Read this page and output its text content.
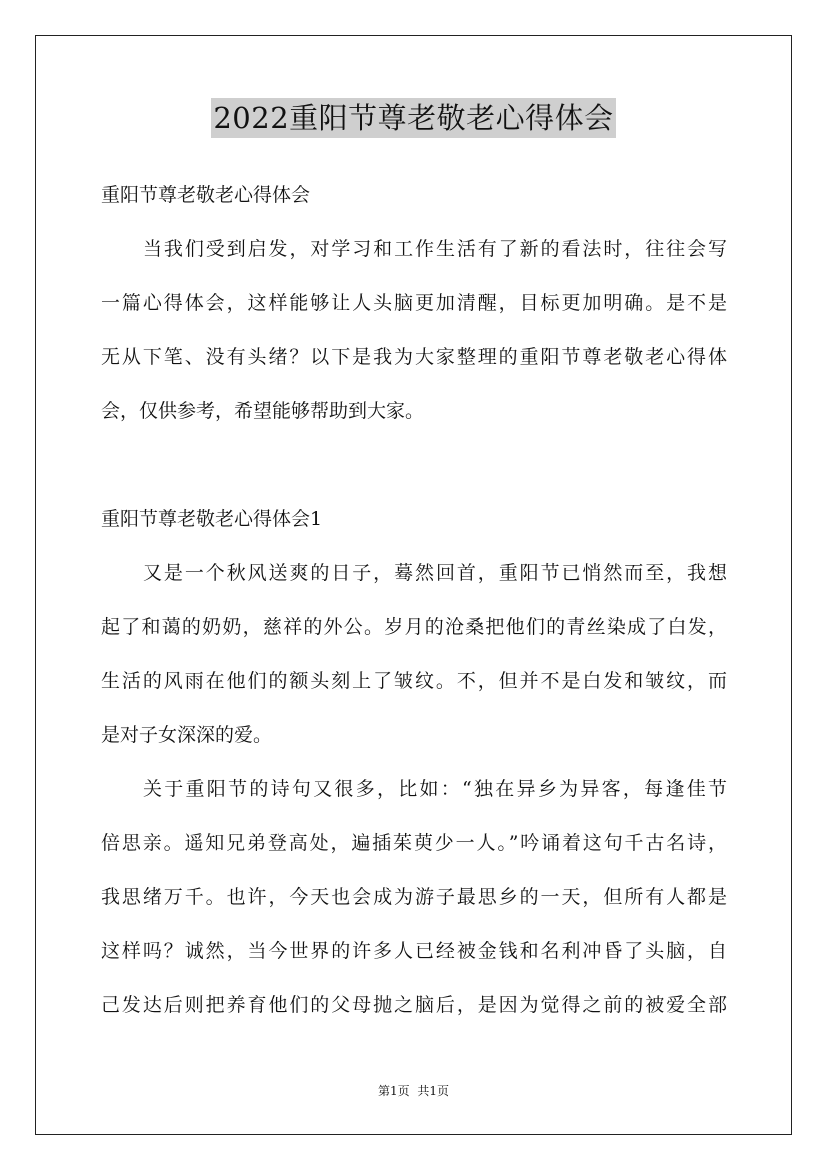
2022重阳节尊老敬老心得体会
重阳节尊老敬老心得体会
当我们受到启发，对学习和工作生活有了新的看法时，往往会写
一篇心得体会，这样能够让人头脑更加清醒，目标更加明确。是不是
无从下笔、没有头绪？以下是我为大家整理的重阳节尊老敬老心得体
会，仅供参考，希望能够帮助到大家。
重阳节尊老敬老心得体会1
又是一个秋风送爽的日子，蓦然回首，重阳节已悄然而至，我想
起了和蔼的奶奶，慈祥的外公。岁月的沧桑把他们的青丝染成了白发，
生活的风雨在他们的额头刻上了皱纹。不，但并不是白发和皱纹，而
是对子女深深的爱。
关于重阳节的诗句又很多，比如：“独在异乡为异客，每逢佳节
倍思亲。遥知兄弟登高处，遍插茱萸少一人。”吟诵着这句千古名诗，
我思绪万千。也许，今天也会成为游子最思乡的一天，但所有人都是
这样吗？诚然，当今世界的许多人已经被金钱和名利冲昏了头脑，自
己发达后则把养育他们的父母抛之脑后，是因为觉得之前的被爱全部
第1页 共1页
